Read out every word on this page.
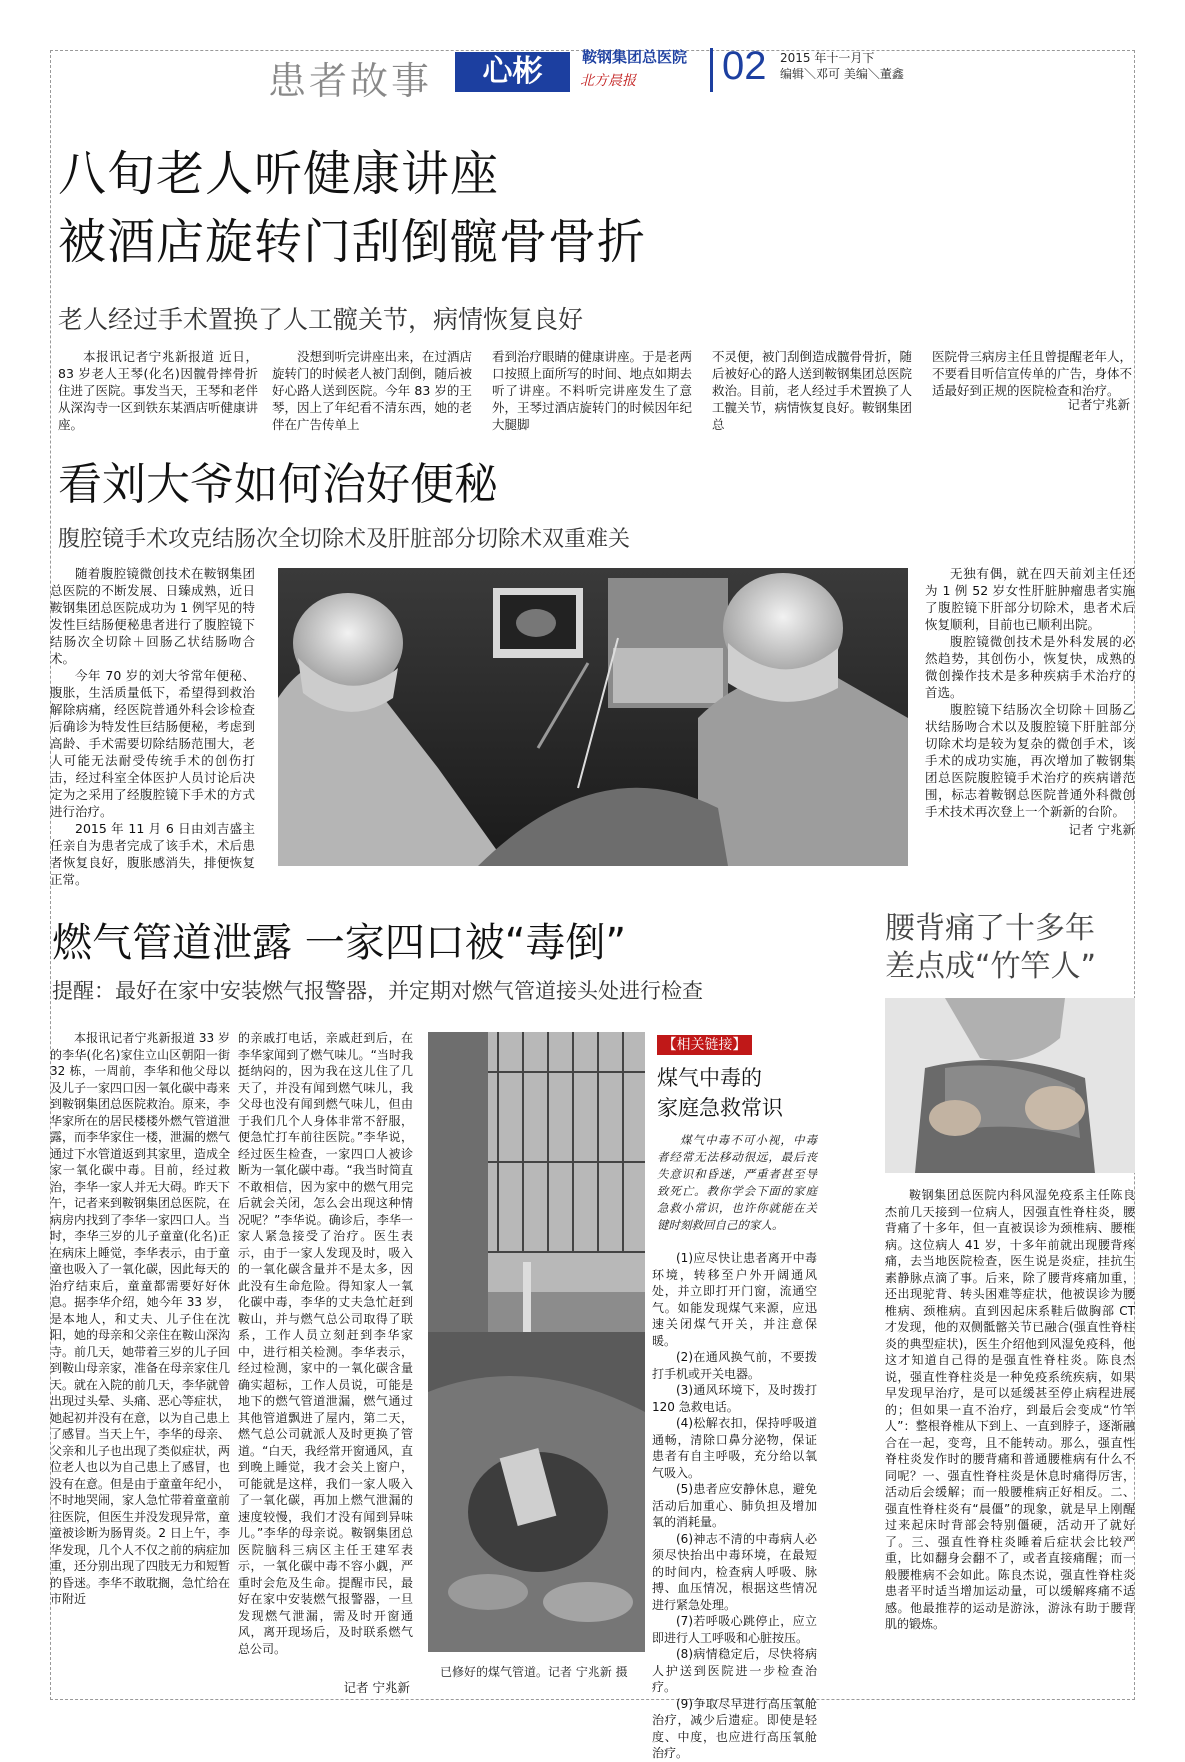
患者故事	心彬	鞍钢集团总医院
北方晨报 02 2015 年十一月下
编辑＼邓可 美编＼董鑫
八旬老人听健康讲座
被酒店旋转门刮倒髋骨骨折
老人经过手术置换了人工髋关节，病情恢复良好

本报讯记者宁兆新报道 近日，83 岁老人王琴(化名)因髋骨摔骨折住进了医院。事发当天，王琴和老伴从深沟寺一区到铁东某酒店听健康讲座。

没想到听完讲座出来，在过酒店旋转门的时候老人被门刮倒，随后被好心路人送到医院。今年 83 岁的王琴，因上了年纪看不清东西，她的老伴在广告传单上

看到治疗眼睛的健康讲座。于是老两口按照上面所写的时间、地点如期去听了讲座。不料听完讲座发生了意外，王琴过酒店旋转门的时候因年纪大腿脚

不灵便，被门刮倒造成髋骨骨折，随后被好心的路人送到鞍钢集团总医院救治。目前，老人经过手术置换了人工髋关节，病情恢复良好。鞍钢集团总

医院骨三病房主任且曾提醒老年人，不要看目听信宣传单的广告，身体不适最好到正规的医院检查和治疗。

记者宁兆新
看刘大爷如何治好便秘
腹腔镜手术攻克结肠次全切除术及肝脏部分切除术双重难关

随着腹腔镜微创技术在鞍钢集团总医院的不断发展、日臻成熟，近日鞍钢集团总医院成功为 1 例罕见的特发性巨结肠便秘患者进行了腹腔镜下结肠次全切除＋回肠乙状结肠吻合术。

今年 70 岁的刘大爷常年便秘、腹胀，生活质量低下，希望得到救治解除病痛，经医院普通外科会诊检查后确诊为特发性巨结肠便秘，考虑到高龄、手术需要切除结肠范围大，老人可能无法耐受传统手术的创伤打击，经过科室全体医护人员讨论后决定为之采用了经腹腔镜下手术的方式进行治疗。

2015 年 11 月 6 日由刘吉盛主任亲自为患者完成了该手术，术后患者恢复良好，腹胀感消失，排便恢复正常。

无独有偶，就在四天前刘主任还为 1 例 52 岁女性肝脏肿瘤患者实施了腹腔镜下肝部分切除术，患者术后恢复顺利，目前也已顺利出院。

腹腔镜微创技术是外科发展的必然趋势，其创伤小，恢复快，成熟的微创操作技术是多种疾病手术治疗的首选。

腹腔镜下结肠次全切除＋回肠乙状结肠吻合术以及腹腔镜下肝脏部分切除术均是较为复杂的微创手术，该手术的成功实施，再次增加了鞍钢集团总医院腹腔镜手术治疗的疾病谱范围，标志着鞍钢总医院普通外科微创手术技术再次登上一个新新的台阶。

记者 宁兆新
燃气管道泄露 一家四口被“毒倒”
提醒：最好在家中安装燃气报警器，并定期对燃气管道接头处进行检查

本报讯记者宁兆新报道 33 岁的李华(化名)家住立山区朝阳一街 32 栋，一周前，李华和他父母以及儿子一家四口因一氧化碳中毒来到鞍钢集团总医院救治。原来，李华家所在的居民楼楼外燃气管道泄露，而李华家住一楼，泄漏的燃气通过下水管道返到其家里，造成全家一氧化碳中毒。目前，经过救治，李华一家人并无大碍。昨天下午，记者来到鞍钢集团总医院，在病房内找到了李华一家四口人。当时，李华三岁的儿子童童(化名)正在病床上睡觉，李华表示，由于童童也吸入了一氧化碳，因此每天的治疗结束后，童童都需要好好休息。据李华介绍，她今年 33 岁，是本地人，和丈夫、儿子住在沈阳，她的母亲和父亲住在鞍山深沟寺。前几天，她带着三岁的儿子回到鞍山母亲家，准备在母亲家住几天。就在入院的前几天，李华就曾出现过头晕、头痛、恶心等症状，她起初并没有在意，以为自己患上了感冒。当天上午，李华的母亲、父亲和儿子也出现了类似症状，两位老人也以为自己患上了感冒，也没有在意。但是由于童童年纪小，不时地哭闹，家人急忙带着童童前往医院，但医生并没发现异常，童童被诊断为肠胃炎。2 日上午，李华发现，几个人不仅之前的病症加重，还分别出现了四肢无力和短暂的昏迷。李华不敢耽搁，急忙给在市附近

的亲戚打电话，亲戚赶到后，在李华家闻到了燃气味儿。“当时我挺纳闷的，因为我在这儿住了几天了，并没有闻到燃气味儿，我父母也没有闻到燃气味儿，但由于我们几个人身体非常不舒服，便急忙打车前往医院。”李华说，经过医生检查，一家四口人被诊断为一氧化碳中毒。“我当时简直不敢相信，因为家中的燃气用完后就会关闭，怎么会出现这种情况呢？”李华说。确诊后，李华一家人紧急接受了治疗。医生表示，由于一家人发现及时，吸入的一氧化碳含量并不是太多，因此没有生命危险。得知家人一氧化碳中毒，李华的丈夫急忙赶到鞍山，并与燃气总公司取得了联系，工作人员立刻赶到李华家中，进行相关检测。李华表示，经过检测，家中的一氧化碳含量确实超标，工作人员说，可能是地下的燃气管道泄漏，燃气通过其他管道飘进了屋内，第二天，燃气总公司就派人及时更换了管道。“白天，我经常开窗通风，直到晚上睡觉，我才会关上窗户，可能就是这样，我们一家人吸入了一氧化碳，再加上燃气泄漏的速度较慢，我们才没有闻到异味儿。”李华的母亲说。鞍钢集团总医院脑科三病区主任王建军表示，一氧化碳中毒不容小觑，严重时会危及生命。提醒市民，最好在家中安装燃气报警器，一旦发现燃气泄漏，需及时开窗通风，离开现场后，及时联系燃气总公司。

记者 宁兆新
已修好的煤气管道。记者 宁兆新 摄
【相关链接】
煤气中毒的
家庭急救常识

煤气中毒不可小视，中毒者经常无法移动很远，最后丧失意识和昏迷，严重者甚至导致死亡。教你学会下面的家庭急救小常识，也许你就能在关键时刻救回自己的家人。

(1)应尽快让患者离开中毒环境，转移至户外开阔通风处，并立即打开门窗，流通空气。如能发现煤气来源，应迅速关闭煤气开关，并注意保暖。

(2)在通风换气前，不要拨打手机或开关电器。

(3)通风环境下，及时拨打 120 急救电话。

(4)松解衣扣，保持呼吸道通畅，清除口鼻分泌物，保证患者有自主呼吸，充分给以氧气吸入。

(5)患者应安静休息，避免活动后加重心、肺负担及增加氧的消耗量。

(6)神志不清的中毒病人必须尽快抬出中毒环境，在最短的时间内，检查病人呼吸、脉搏、血压情况，根据这些情况进行紧急处理。

(7)若呼吸心跳停止，应立即进行人工呼吸和心脏按压。

(8)病情稳定后，尽快将病人护送到医院进一步检查治疗。

(9)争取尽早进行高压氧舱治疗，减少后遗症。即使是轻度、中度，也应进行高压氧舱治疗。

腰背痛了十多年
差点成“竹竿人”

鞍钢集团总医院内科风湿免疫系主任陈良杰前几天接到一位病人，因强直性脊柱炎，腰背痛了十多年，但一直被误诊为颈椎病、腰椎病。这位病人 41 岁，十多年前就出现腰背疼痛，去当地医院检查，医生说是炎症，挂抗生素静脉点滴了事。后来，除了腰背疼痛加重，还出现驼背、转头困难等症状，他被误诊为腰椎病、颈椎病。直到因起床系鞋后做胸部 CT 才发现，他的双侧骶髂关节已融合(强直性脊柱炎的典型症状)，医生介绍他到风湿免疫科，他这才知道自己得的是强直性脊柱炎。陈良杰说，强直性脊柱炎是一种免疫系统疾病，如果早发现早治疗，是可以延缓甚至停止病程进展的；但如果一直不治疗，到最后会变成“竹竿人”：整根脊椎从下到上、一直到脖子，逐渐融合在一起，变弯，且不能转动。那么，强直性脊柱炎发作时的腰背痛和普通腰椎病有什么不同呢？一、强直性脊柱炎是休息时痛得厉害，活动后会缓解；而一般腰椎病正好相反。二、强直性脊柱炎有“晨僵”的现象，就是早上刚醒过来起床时背部会特别僵硬，活动开了就好了。三、强直性脊柱炎睡着后症状会比较严重，比如翻身会翻不了，或者直接痛醒；而一般腰椎病不会如此。陈良杰说，强直性脊柱炎患者平时适当增加运动量，可以缓解疼痛不适感。他最推荐的运动是游泳，游泳有助于腰背肌的锻炼。
